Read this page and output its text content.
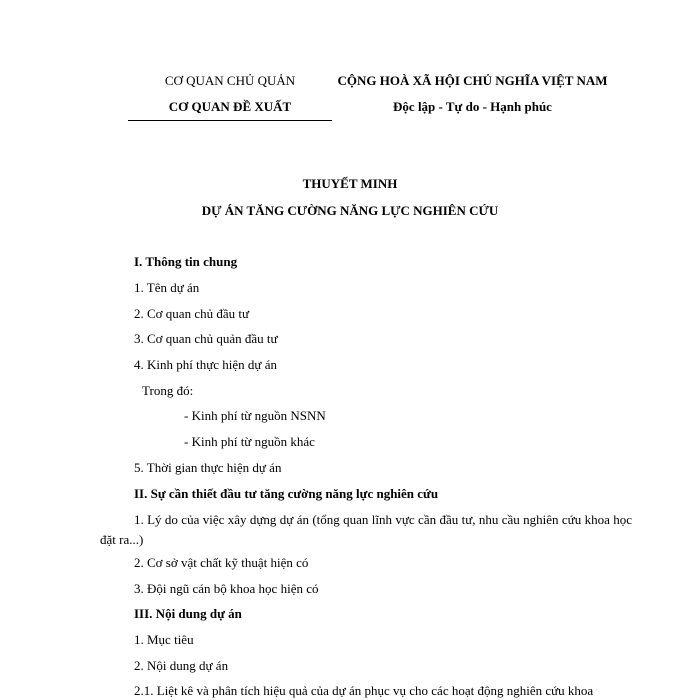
CƠ QUAN CHỦ QUẢN
CƠ QUAN ĐỀ XUẤT
CỘNG HOÀ XÃ HỘI CHỦ NGHĨA VIỆT NAM
Độc lập - Tự do - Hạnh phúc
THUYẾT MINH
DỰ ÁN TĂNG CƯỜNG NĂNG LỰC NGHIÊN CỨU
I. Thông tin chung
1. Tên dự án
2. Cơ quan chủ đầu tư
3. Cơ quan chủ quản đầu tư
4. Kinh phí thực hiện dự án
Trong đó:
- Kinh phí từ nguồn NSNN
- Kinh phí từ nguồn khác
5. Thời gian thực hiện dự án
II. Sự cần thiết đầu tư tăng cường năng lực nghiên cứu
1. Lý do của việc xây dựng dự án (tổng quan lĩnh vực cần đầu tư, nhu cầu nghiên cứu khoa học đặt ra...)
2. Cơ sở vật chất kỹ thuật hiện có
3. Đội ngũ cán bộ khoa học hiện có
III. Nội dung dự án
1. Mục tiêu
2. Nội dung dự án
2.1. Liệt kê và phân tích hiệu quả của dự án phục vụ cho các hoạt động nghiên cứu khoa
